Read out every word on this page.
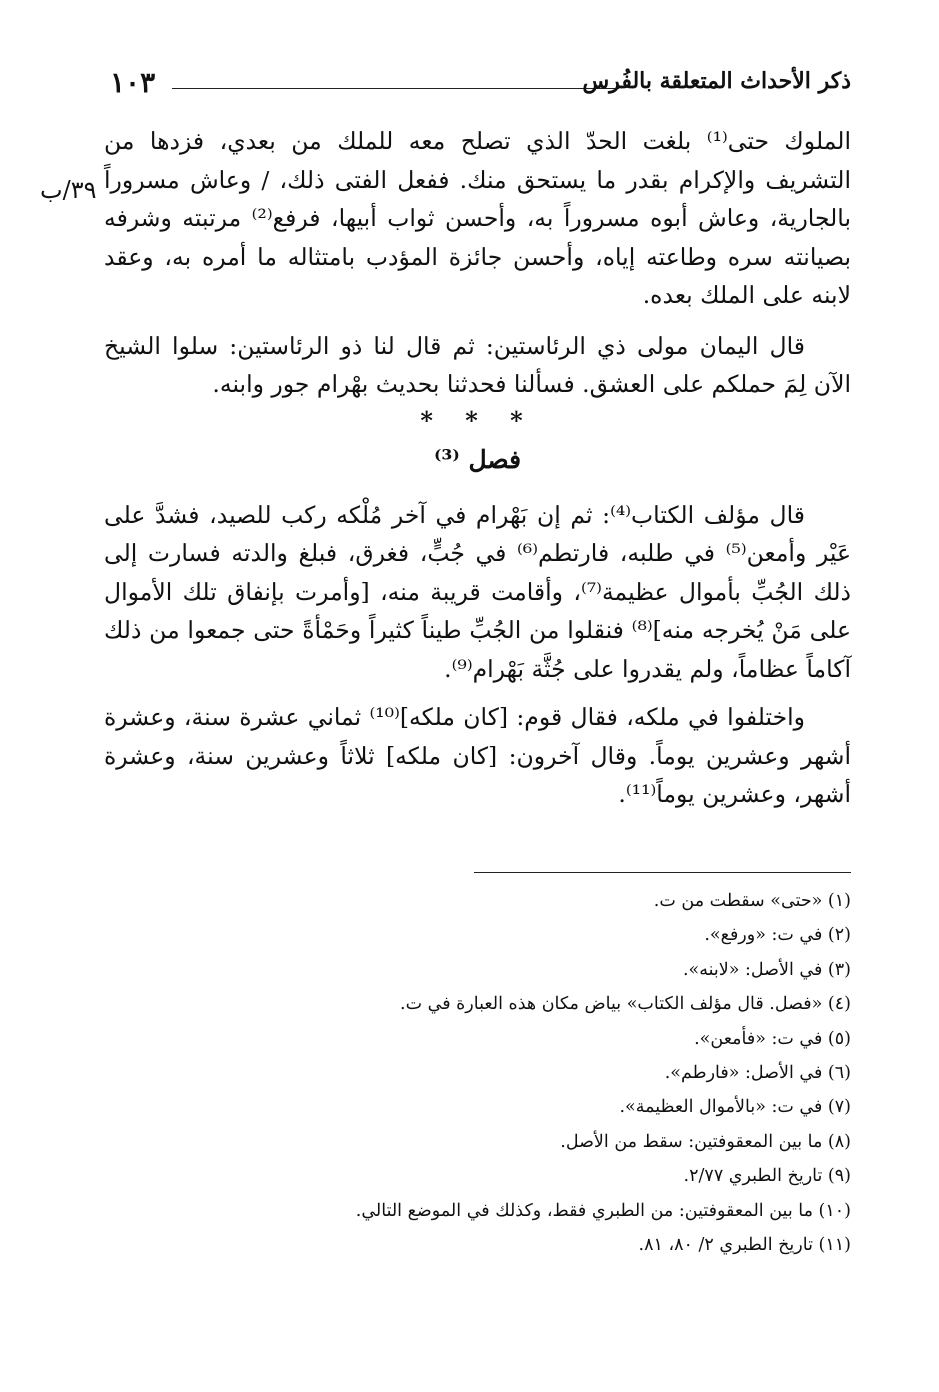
١٠٣	ذكر الأحداث المتعلقة بالفُرس
٣٩/ب

الملوك حتى⁽¹⁾ بلغت الحدّ الذي تصلح معه للملك من بعدي، فزدها من التشريف والإكرام بقدر ما يستحق منك. ففعل الفتى ذلك، / وعاش مسروراً بالجارية، وعاش أبوه مسروراً به، وأحسن ثواب أبيها، فرفع⁽²⁾ مرتبته وشرفه بصيانته سره وطاعته إياه، وأحسن جائزة المؤدب بامتثاله ما أمره به، وعقد لابنه على الملك بعده.

قال اليمان مولى ذي الرئاستين: ثم قال لنا ذو الرئاستين: سلوا الشيخ الآن لِمَ حملكم على العشق. فسألنا فحدثنا بحديث بهْرام جور وابنه.

* * *

فصل ⁽³⁾

قال مؤلف الكتاب⁽⁴⁾: ثم إن بَهْرام في آخر مُلْكه ركب للصيد، فشدَّ على عَيْر وأمعن⁽⁵⁾ في طلبه، فارتطم⁽⁶⁾ في جُبٍّ، فغرق، فبلغ والدته فسارت إلى ذلك الجُبِّ بأموال عظيمة⁽⁷⁾، وأقامت قريبة منه، [وأمرت بإنفاق تلك الأموال على مَنْ يُخرجه منه]⁽⁸⁾ فنقلوا من الجُبِّ طيناً كثيراً وحَمْأةً حتى جمعوا من ذلك آكاماً عظاماً، ولم يقدروا على جُثَّة بَهْرام⁽⁹⁾.

واختلفوا في ملكه، فقال قوم: [كان ملكه]⁽¹⁰⁾ ثماني عشرة سنة، وعشرة أشهر وعشرين يوماً. وقال آخرون: [كان ملكه] ثلاثاً وعشرين سنة، وعشرة أشهر، وعشرين يوماً⁽¹¹⁾.

(١) «حتى» سقطت من ت.
(٢) في ت: «ورفع».
(٣) في الأصل: «لابنه».
(٤) «فصل. قال مؤلف الكتاب» بياض مكان هذه العبارة في ت.
(٥) في ت: «فأمعن».
(٦) في الأصل: «فارطم».
(٧) في ت: «بالأموال العظيمة».
(٨) ما بين المعقوفتين: سقط من الأصل.
(٩) تاريخ الطبري ٢/٧٧.
(١٠) ما بين المعقوفتين: من الطبري فقط، وكذلك في الموضع التالي.
(١١) تاريخ الطبري ٢/ ٨٠، ٨١.
